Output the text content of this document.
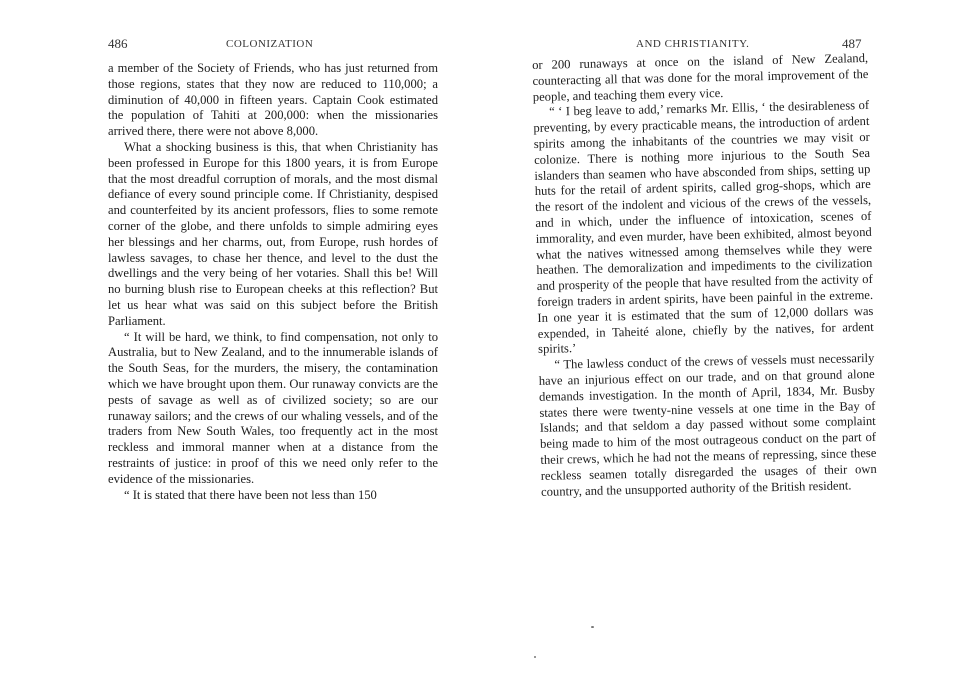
486	COLONIZATION

a member of the Society of Friends, who has just returned from those regions, states that they now are reduced to 110,000; a diminution of 40,000 in fifteen years. Captain Cook estimated the population of Tahiti at 200,000: when the missionaries arrived there, there were not above 8,000.

What a shocking business is this, that when Christianity has been professed in Europe for this 1800 years, it is from Europe that the most dreadful corruption of morals, and the most dismal defiance of every sound principle come. If Christianity, despised and counterfeited by its ancient professors, flies to some remote corner of the globe, and there unfolds to simple admiring eyes her blessings and her charms, out, from Europe, rush hordes of lawless savages, to chase her thence, and level to the dust the dwellings and the very being of her votaries. Shall this be! Will no burning blush rise to European cheeks at this reflection? But let us hear what was said on this subject before the British Parliament.

“ It will be hard, we think, to find compensation, not only to Australia, but to New Zealand, and to the innumerable islands of the South Seas, for the murders, the misery, the contamination which we have brought upon them. Our runaway convicts are the pests of savage as well as of civilized society; so are our runaway sailors; and the crews of our whaling vessels, and of the traders from New South Wales, too frequently act in the most reckless and immoral manner when at a distance from the restraints of justice: in proof of this we need only refer to the evidence of the missionaries.

“ It is stated that there have been not less than 150

AND CHRISTIANITY.	487

or 200 runaways at once on the island of New Zealand, counteracting all that was done for the moral improvement of the people, and teaching them every vice.

“ ‘ I beg leave to add,’ remarks Mr. Ellis, ‘ the desirableness of preventing, by every practicable means, the introduction of ardent spirits among the inhabitants of the countries we may visit or colonize. There is nothing more injurious to the South Sea islanders than seamen who have absconded from ships, setting up huts for the retail of ardent spirits, called grog-shops, which are the resort of the indolent and vicious of the crews of the vessels, and in which, under the influence of intoxication, scenes of immorality, and even murder, have been exhibited, almost beyond what the natives witnessed among themselves while they were heathen. The demoralization and impediments to the civilization and prosperity of the people that have resulted from the activity of foreign traders in ardent spirits, have been painful in the extreme. In one year it is estimated that the sum of 12,000 dollars was expended, in Taheité alone, chiefly by the natives, for ardent spirits.’

“ The lawless conduct of the crews of vessels must necessarily have an injurious effect on our trade, and on that ground alone demands investigation. In the month of April, 1834, Mr. Busby states there were twenty-nine vessels at one time in the Bay of Islands; and that seldom a day passed without some complaint being made to him of the most outrageous conduct on the part of their crews, which he had not the means of repressing, since these reckless seamen totally disregarded the usages of their own country, and the unsupported authority of the British resident.
